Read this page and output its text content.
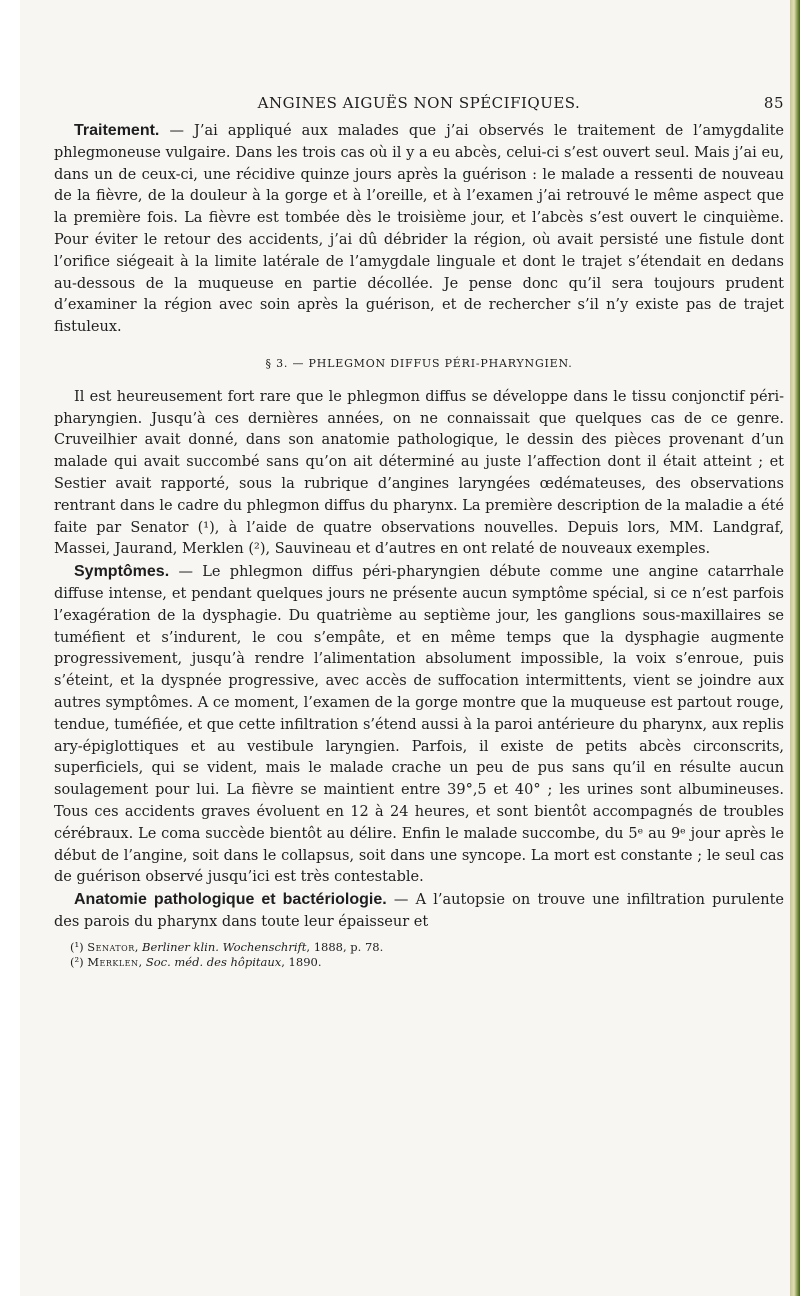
ANGINES AIGUËS NON SPÉCIFIQUES.	85

Traitement. — J’ai appliqué aux malades que j’ai observés le traitement de l’amygdalite phlegmoneuse vulgaire. Dans les trois cas où il y a eu abcès, celui-ci s’est ouvert seul. Mais j’ai eu, dans un de ceux-ci, une récidive quinze jours après la guérison : le malade a ressenti de nouveau de la fièvre, de la douleur à la gorge et à l’oreille, et à l’examen j’ai retrouvé le même aspect que la première fois. La fièvre est tombée dès le troisième jour, et l’abcès s’est ouvert le cinquième. Pour éviter le retour des accidents, j’ai dû débrider la région, où avait persisté une fistule dont l’orifice siégeait à la limite latérale de l’amygdale linguale et dont le trajet s’étendait en dedans au-dessous de la muqueuse en partie décollée. Je pense donc qu’il sera toujours prudent d’examiner la région avec soin après la guérison, et de rechercher s’il n’y existe pas de trajet fistuleux.

§ 3. — PHLEGMON DIFFUS PÉRI-PHARYNGIEN.

Il est heureusement fort rare que le phlegmon diffus se développe dans le tissu conjonctif péri-pharyngien. Jusqu’à ces dernières années, on ne connaissait que quelques cas de ce genre. Cruveilhier avait donné, dans son anatomie pathologique, le dessin des pièces provenant d’un malade qui avait succombé sans qu’on ait déterminé au juste l’affection dont il était atteint ; et Sestier avait rapporté, sous la rubrique d’angines laryngées œdémateuses, des observations rentrant dans le cadre du phlegmon diffus du pharynx. La première description de la maladie a été faite par Senator (¹), à l’aide de quatre observations nouvelles. Depuis lors, MM. Landgraf, Massei, Jaurand, Merklen (²), Sauvineau et d’autres en ont relaté de nouveaux exemples.

Symptômes. — Le phlegmon diffus péri-pharyngien débute comme une angine catarrhale diffuse intense, et pendant quelques jours ne présente aucun symptôme spécial, si ce n’est parfois l’exagération de la dysphagie. Du quatrième au septième jour, les ganglions sous-maxillaires se tuméfient et s’indurent, le cou s’empâte, et en même temps que la dysphagie augmente progressivement, jusqu’à rendre l’alimentation absolument impossible, la voix s’enroue, puis s’éteint, et la dyspnée progressive, avec accès de suffocation intermittents, vient se joindre aux autres symptômes. A ce moment, l’examen de la gorge montre que la muqueuse est partout rouge, tendue, tuméfiée, et que cette infiltration s’étend aussi à la paroi antérieure du pharynx, aux replis ary-épiglottiques et au vestibule laryngien. Parfois, il existe de petits abcès circonscrits, superficiels, qui se vident, mais le malade crache un peu de pus sans qu’il en résulte aucun soulagement pour lui. La fièvre se maintient entre 39°,5 et 40° ; les urines sont albumineuses. Tous ces accidents graves évoluent en 12 à 24 heures, et sont bientôt accompagnés de troubles cérébraux. Le coma succède bientôt au délire. Enfin le malade succombe, du 5ᵉ au 9ᵉ jour après le début de l’angine, soit dans le collapsus, soit dans une syncope. La mort est constante ; le seul cas de guérison observé jusqu’ici est très contestable.

Anatomie pathologique et bactériologie. — A l’autopsie on trouve une infiltration purulente des parois du pharynx dans toute leur épaisseur et

(¹) Senator, Berliner klin. Wochenschrift, 1888, p. 78.
(²) Merklen, Soc. méd. des hôpitaux, 1890.
